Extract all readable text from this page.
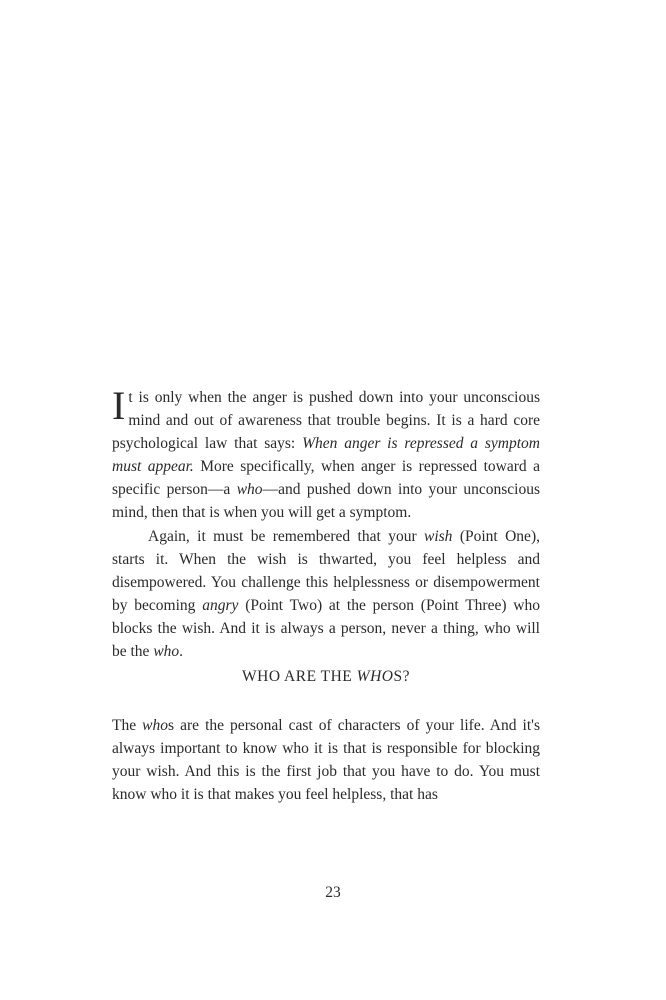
It is only when the anger is pushed down into your unconscious mind and out of awareness that trouble begins. It is a hard core psychological law that says: When anger is repressed a symptom must appear. More specifically, when anger is repressed toward a specific person—a who—and pushed down into your unconscious mind, then that is when you will get a symptom.

Again, it must be remembered that your wish (Point One), starts it. When the wish is thwarted, you feel helpless and disempowered. You challenge this helplessness or disempowerment by becoming angry (Point Two) at the person (Point Three) who blocks the wish. And it is always a person, never a thing, who will be the who.

WHO ARE THE WHOS?

The whos are the personal cast of characters of your life. And it's always important to know who it is that is responsible for blocking your wish. And this is the first job that you have to do. You must know who it is that makes you feel helpless, that has

23
